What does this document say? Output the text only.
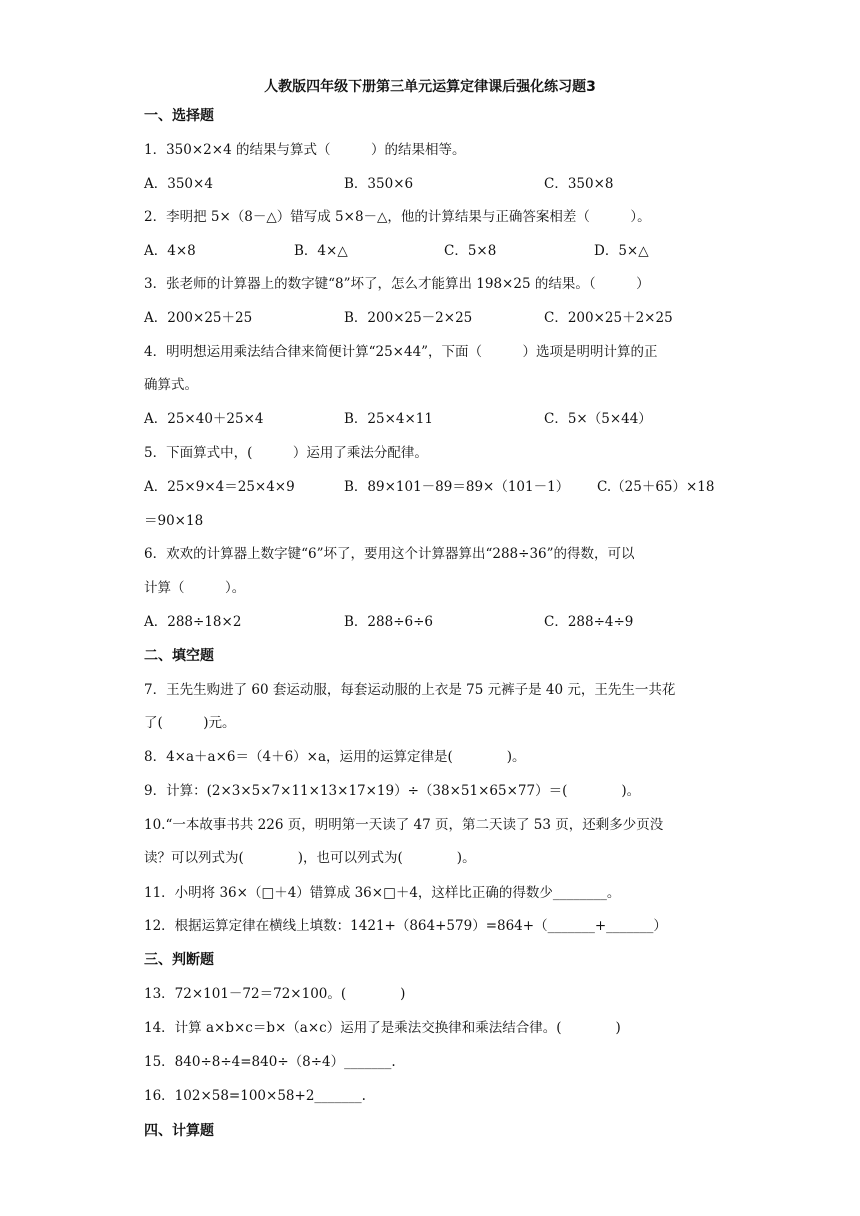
人教版四年级下册第三单元运算定律课后强化练习题3
一、选择题
1．350×2×4 的结果与算式（　　　）的结果相等。
A．350×4	B．350×6	C．350×8
2．李明把 5×（8－△）错写成 5×8－△，他的计算结果与正确答案相差（　　　）。
A．4×8	B．4×△	C．5×8	D．5×△
3．张老师的计算器上的数字键“8”坏了，怎么才能算出 198×25 的结果。（　　　）
A．200×25＋25	B．200×25－2×25	C．200×25＋2×25
4．明明想运用乘法结合律来简便计算“25×44”，下面（　　　）选项是明明计算的正
确算式。
A．25×40＋25×4	B．25×4×11	C．5×（5×44）
5．下面算式中，(　　　）运用了乘法分配律。
A．25×9×4＝25×4×9	B．89×101－89＝89×（101－1） C.（25＋65）×18
＝90×18
6．欢欢的计算器上数字键“6”坏了，要用这个计算器算出“288÷36”的得数，可以
计算（　　　）。
A．288÷18×2	B．288÷6÷6	C．288÷4÷9
二、填空题
7．王先生购进了 60 套运动服，每套运动服的上衣是 75 元裤子是 40 元，王先生一共花
了(　　　)元。
8．4×a＋a×6＝（4＋6）×a，运用的运算定律是(　　　　)。
9．计算：(2×3×5×7×11×13×17×19）÷（38×51×65×77）＝(　　　　)。
10.“一本故事书共 226 页，明明第一天读了 47 页，第二天读了 53 页，还剩多少页没
读？可以列式为(　　　　)，也可以列式为(　　　　)。
11．小明将 36×（□＋4）错算成 36×□＋4，这样比正确的得数少________。
12．根据运算定律在横线上填数：1421+（864+579）=864+（_______+_______）
三、判断题
13．72×101－72＝72×100。(　　　　)
14．计算 a×b×c＝b×（a×c）运用了是乘法交换律和乘法结合律。(　　　　)
15．840÷8÷4=840÷（8÷4）_______.
16．102×58=100×58+2_______.
四、计算题
